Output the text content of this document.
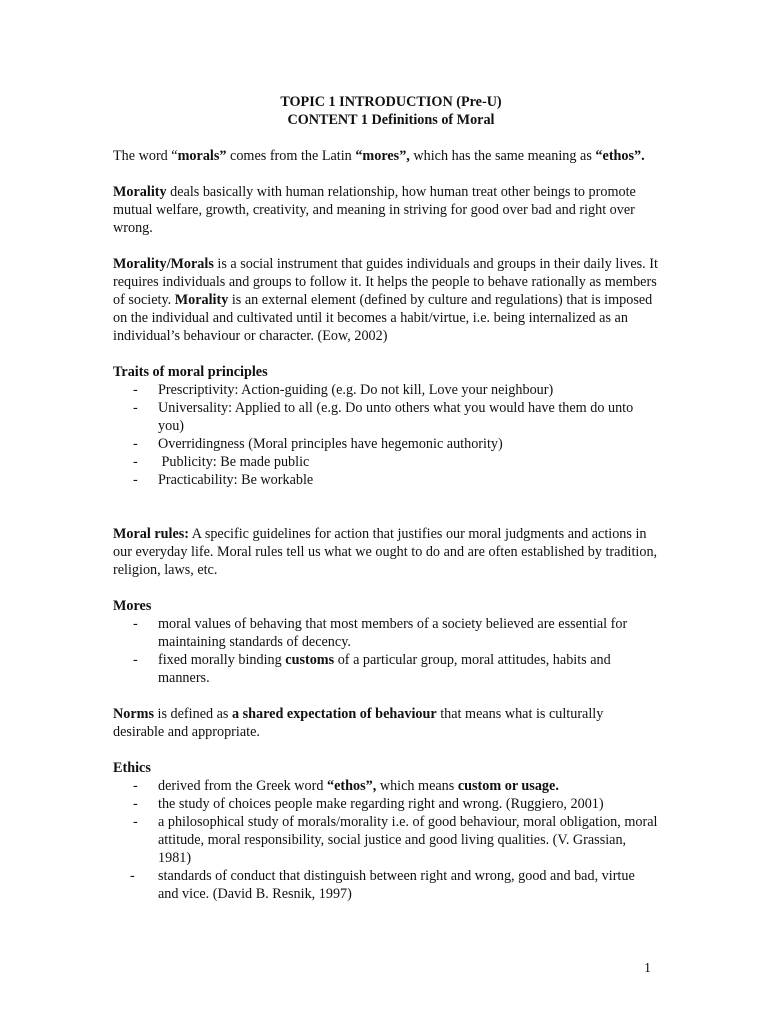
TOPIC 1 INTRODUCTION (Pre-U)
CONTENT 1 Definitions of Moral

The word “morals” comes from the Latin “mores”, which has the same meaning as “ethos”.

Morality deals basically with human relationship, how human treat other beings to promote mutual welfare, growth, creativity, and meaning in striving for good over bad and right over wrong.

Morality/Morals is a social instrument that guides individuals and groups in their daily lives. It requires individuals and groups to follow it. It helps the people to behave rationally as members of society. Morality is an external element (defined by culture and regulations) that is imposed on the individual and cultivated until it becomes a habit/virtue, i.e. being internalized as an individual’s behaviour or character. (Eow, 2002)

Traits of moral principles

- Prescriptivity: Action-guiding (e.g. Do not kill, Love your neighbour)
- Universality: Applied to all (e.g. Do unto others what you would have them do unto you)
- Overridingness (Moral principles have hegemonic authority)
-  Publicity: Be made public
- Practicability: Be workable

Moral rules: A specific guidelines for action that justifies our moral judgments and actions in our everyday life. Moral rules tell us what we ought to do and are often established by tradition, religion, laws, etc.

Mores

- moral values of behaving that most members of a society believed are essential for maintaining standards of decency.
- fixed morally binding customs of a particular group, moral attitudes, habits and manners.

Norms is defined as a shared expectation of behaviour that means what is culturally desirable and appropriate.

Ethics

- derived from the Greek word “ethos”, which means custom or usage.
- the study of choices people make regarding right and wrong. (Ruggiero, 2001)
- a philosophical study of morals/morality i.e. of good behaviour, moral obligation, moral attitude, moral responsibility, social justice and good living qualities. (V. Grassian, 1981)
- standards of conduct that distinguish between right and wrong, good and bad, virtue and vice. (David B. Resnik, 1997)
1
